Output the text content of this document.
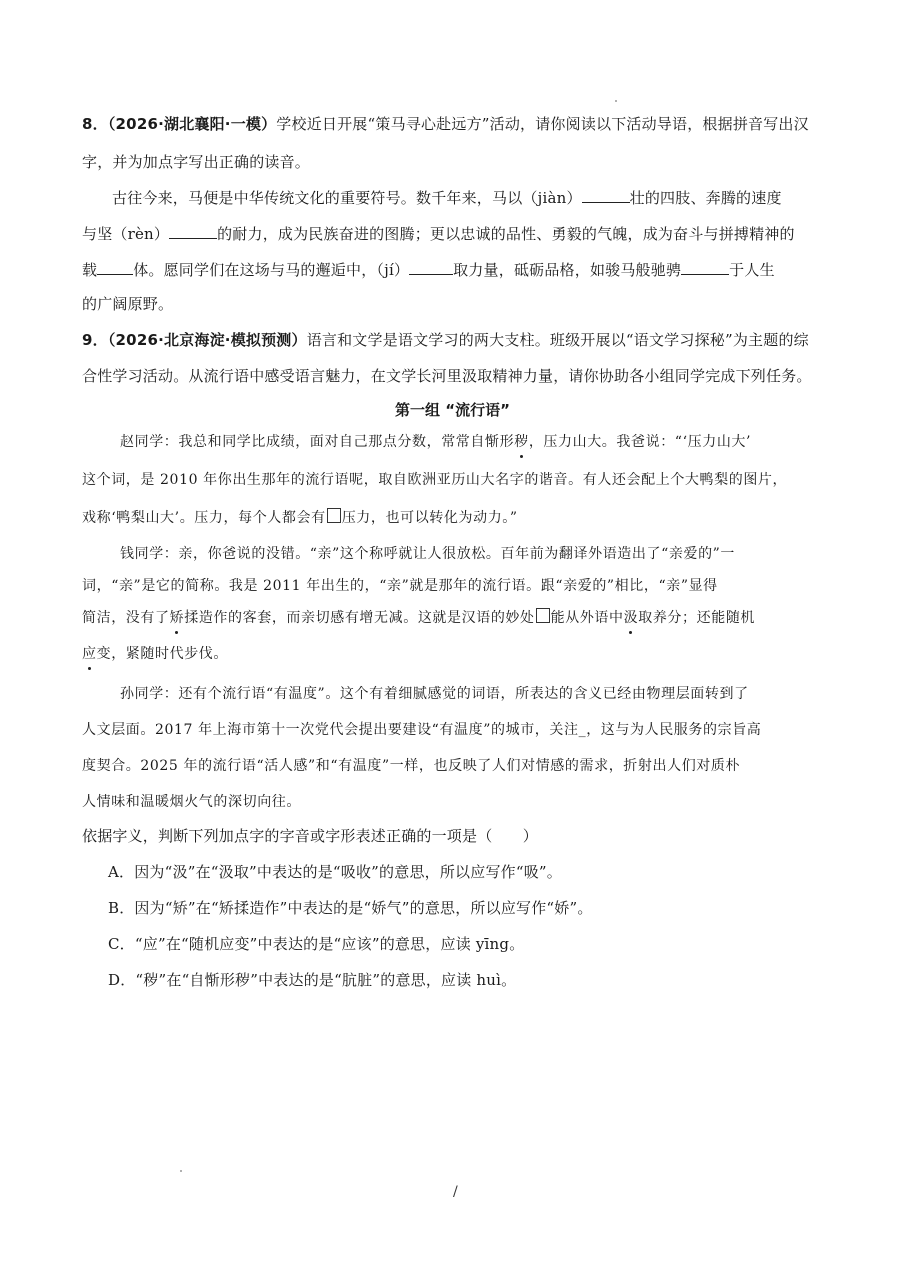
8．（2026·湖北襄阳·一模）学校近日开展“策马寻心赴远方”活动，请你阅读以下活动导语，根据拼音写出汉
字，并为加点字写出正确的读音。
古往今来，马便是中华传统文化的重要符号。数千年来，马以（jiàn）	壮的四肢、奔腾的速度
与坚（rèn）	的耐力，成为民族奋进的图腾；更以忠诚的品性、勇毅的气魄，成为奋斗与拼搏精神的
载 体。愿同学们在这场与马的邂逅中，（jí）	取力量，砥砺品格，如骏马般驰骋	于人生
的广阔原野。
9．（2026·北京海淀·模拟预测）语言和文学是语文学习的两大支柱。班级开展以“语文学习探秘”为主题的综
合性学习活动。从流行语中感受语言魅力，在文学长河里汲取精神力量，请你协助各小组同学完成下列任务。
第一组 “流行语”
赵同学：我总和同学比成绩，面对自己那点分数，常常自惭形秽，压力山大。我爸说：“‘压力山大’
这个词，是 2010 年你出生那年的流行语呢，取自欧洲亚历山大名字的谐音。有人还会配上个大鸭梨的图片，
戏称‘鸭梨山大’。压力，每个人都会有 压力，也可以转化为动力。”
钱同学：亲，你爸说的没错。“亲”这个称呼就让人很放松。百年前为翻译外语造出了“亲爱的”一
词，“亲”是它的简称。我是 2011 年出生的，“亲”就是那年的流行语。跟“亲爱的”相比，“亲”显得
简洁，没有了矫揉造作的客套，而亲切感有增无减。这就是汉语的妙处 能从外语中汲取养分；还能随机
应变，紧随时代步伐。
孙同学：还有个流行语“有温度”。这个有着细腻感觉的词语，所表达的含义已经由物理层面转到了
人文层面。2017 年上海市第十一次党代会提出要建设“有温度”的城市，关注_，这与为人民服务的宗旨高
度契合。2025 年的流行语“活人感”和“有温度”一样，也反映了人们对情感的需求，折射出人们对质朴
人情味和温暖烟火气的深切向往。
依据字义，判断下列加点字的字音或字形表述正确的一项是（　　）
A．因为“汲”在“汲取”中表达的是“吸收”的意思，所以应写作“吸”。
B．因为“矫”在“矫揉造作”中表达的是“娇气”的意思，所以应写作“娇”。
C．“应”在“随机应变”中表达的是“应该”的意思，应读 yīng。
D．“秽”在“自惭形秽”中表达的是“肮脏”的意思，应读 huì。
/
